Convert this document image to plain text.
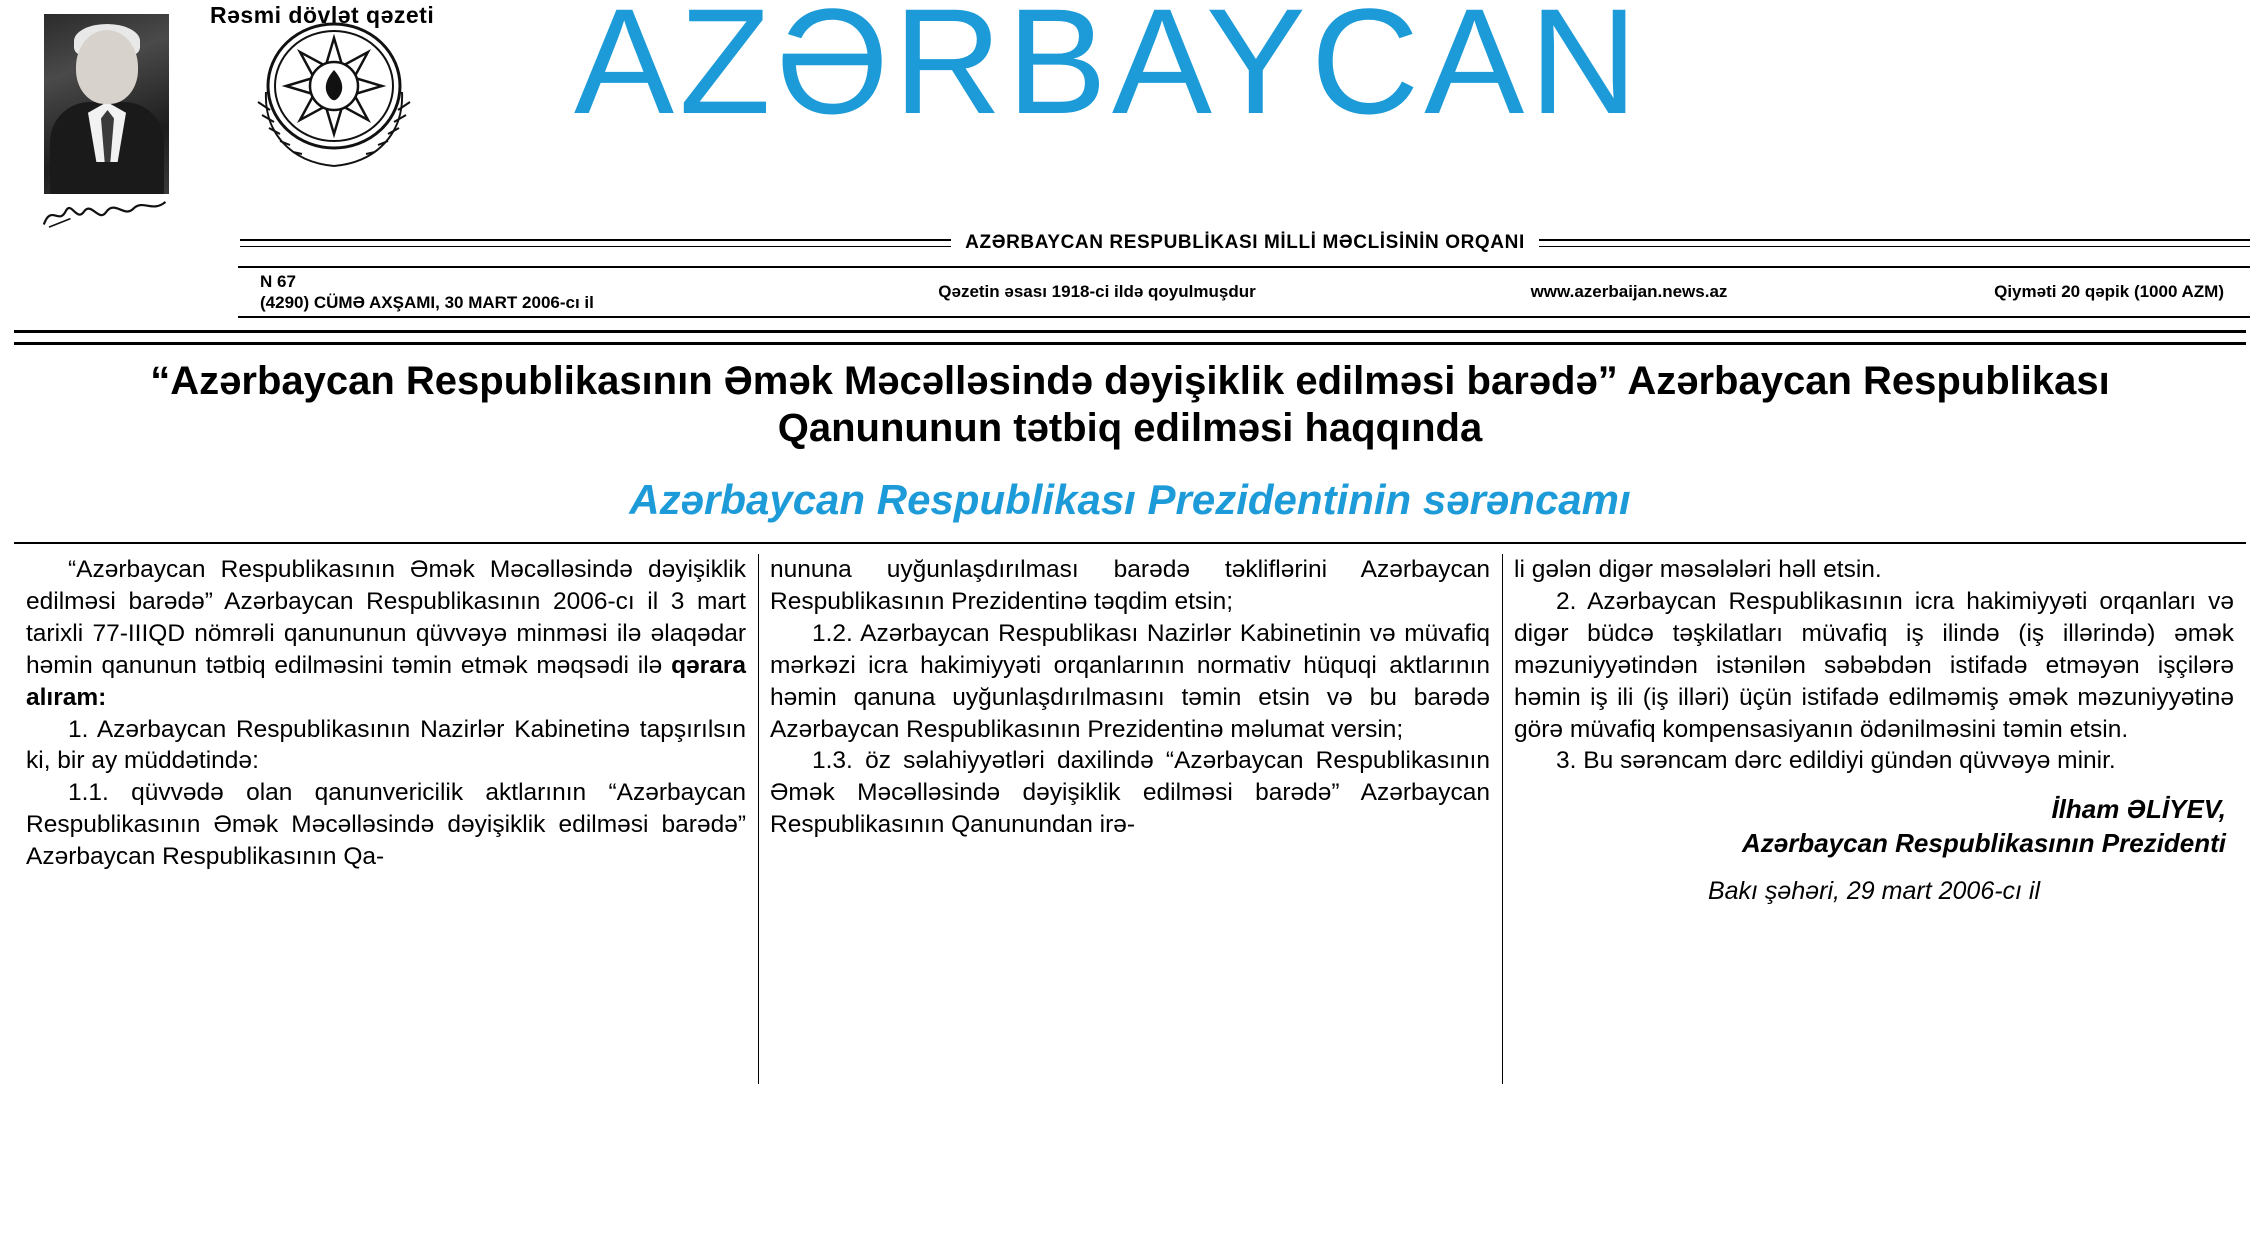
Rəsmi dövlət qəzeti AZƏRBAYCAN
AZƏRBAYCAN RESPUBLİKASI MİLLİ MƏCLİSİNİN ORQANI
N 67
(4290) CÜMƏ AXŞAMI, 30 MART 2006-cı il
Qəzetin əsası 1918-ci ildə qoyulmuşdur	www.azerbaijan.news.az	Qiyməti 20 qəpik (1000 AZM)
“Azərbaycan Respublikasının Əmək Məcəlləsində dəyişiklik edilməsi barədə” Azərbaycan Respublikası Qanununun tətbiq edilməsi haqqında
Azərbaycan Respublikası Prezidentinin sərəncamı

“Azərbaycan Respublikasının Əmək Məcəlləsində dəyişiklik edilməsi barədə” Azərbaycan Respublikasının 2006-cı il 3 mart tarixli 77-IIIQD nömrəli qanununun qüvvəyə minməsi ilə əlaqədar həmin qanunun tətbiq edilməsini təmin etmək məqsədi ilə qərara alıram:

1. Azərbaycan Respublikasının Nazirlər Kabinetinə tapşırılsın ki, bir ay müddətində:

1.1. qüvvədə olan qanunvericilik aktlarının “Azərbaycan Respublikasının Əmək Məcəlləsində dəyişiklik edilməsi barədə” Azərbaycan Respublikasının Qa-

nununa uyğunlaşdırılması barədə təkliflərini Azərbaycan Respublikasının Prezidentinə təqdim etsin;

1.2. Azərbaycan Respublikası Nazirlər Kabinetinin və müvafiq mərkəzi icra hakimiyyəti orqanlarının normativ hüquqi aktlarının həmin qanuna uyğunlaşdırılmasını təmin etsin və bu barədə Azərbaycan Respublikasının Prezidentinə məlumat versin;

1.3. öz səlahiyyətləri daxilində “Azərbaycan Respublikasının Əmək Məcəlləsində dəyişiklik edilməsi barədə” Azərbaycan Respublikasının Qanunundan irə-

li gələn digər məsələləri həll etsin.

2. Azərbaycan Respublikasının icra hakimiyyəti orqanları və digər büdcə təşkilatları müvafiq iş ilində (iş illərində) əmək məzuniyyətindən istənilən səbəbdən istifadə etməyən işçilərə həmin iş ili (iş illəri) üçün istifadə edilməmiş əmək məzuniyyətinə görə müvafiq kompensasiyanın ödənilməsini təmin etsin.

3. Bu sərəncam dərc edildiyi gündən qüvvəyə minir.

İlham ƏLİYEV,
Azərbaycan Respublikasının Prezidenti
Bakı şəhəri, 29 mart 2006-cı il
